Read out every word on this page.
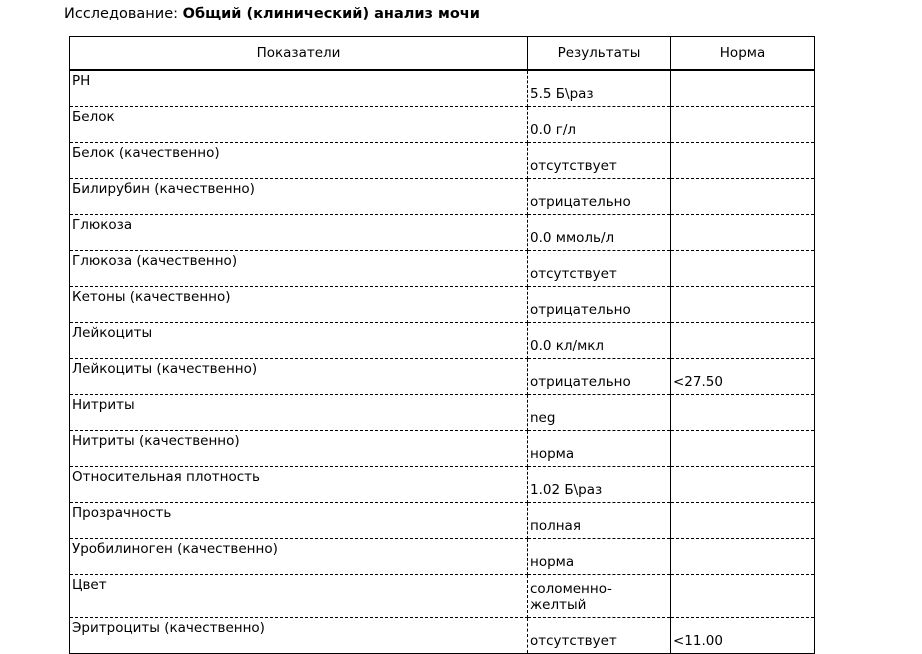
Исследование: Общий (клинический) анализ мочи
Показатели	Результаты	Норма
PH	5.5 Б\раз	
Белок	0.0 г/л	
Белок (качественно)	отсутствует	
Билирубин (качественно)	отрицательно	
Глюкоза	0.0 ммоль/л	
Глюкоза (качественно)	отсутствует	
Кетоны (качественно)	отрицательно	
Лейкоциты	0.0 кл/мкл	
Лейкоциты (качественно)	отрицательно	<27.50
Нитриты	neg	
Нитриты (качественно)	норма	
Относительная плотность	1.02 Б\раз	
Прозрачность	полная	
Уробилиноген (качественно)	норма	
Цвет	соломенно-желтый	
Эритроциты (качественно)	отсутствует	<11.00
